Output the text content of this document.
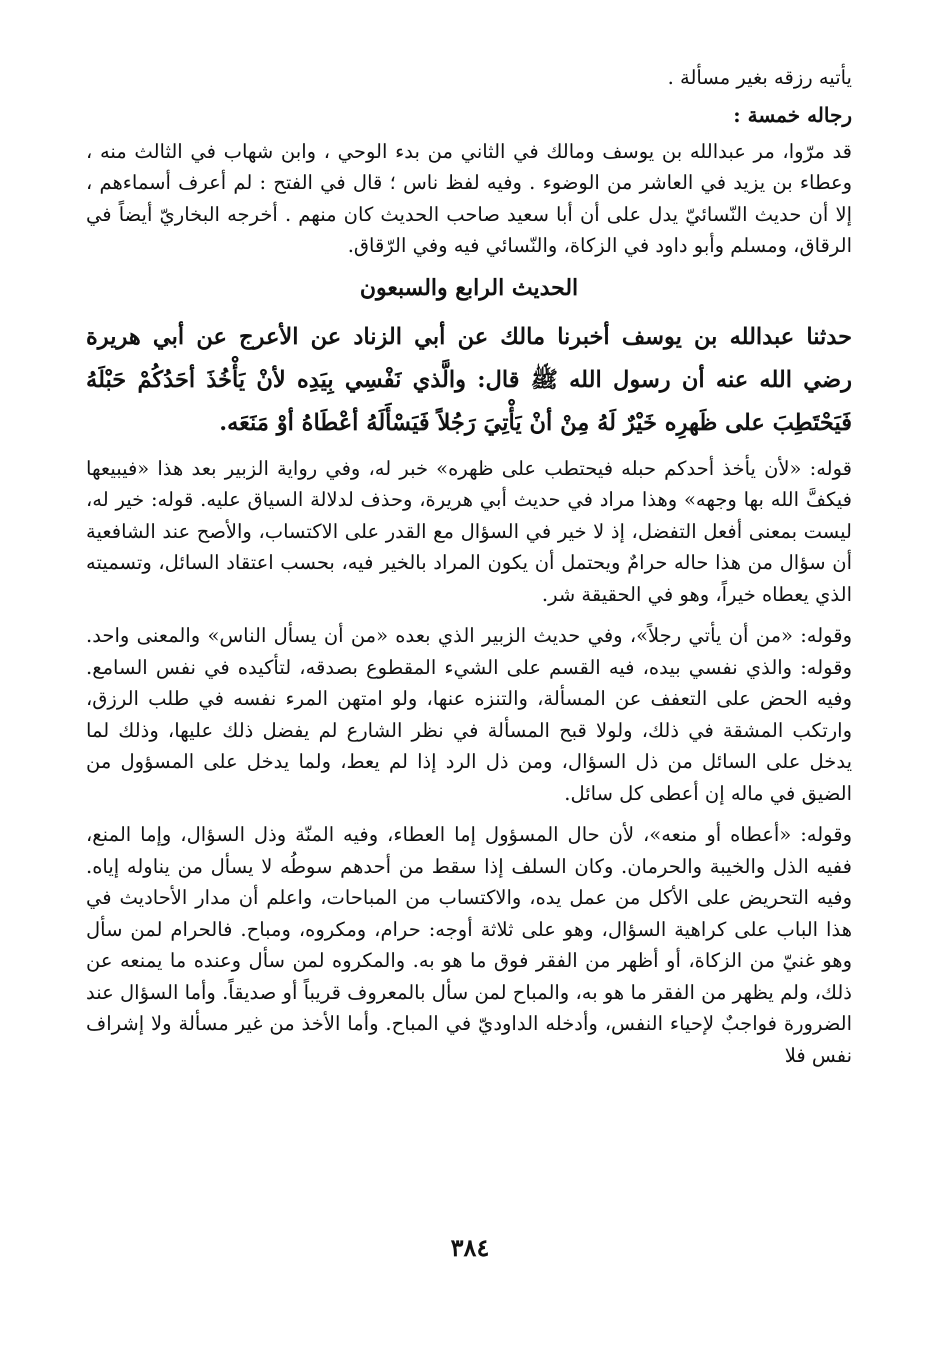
يأتيه رزقه بغير مسألة .

رجاله خمسة :

قد مرّوا، مر عبدالله بن يوسف ومالك في الثاني من بدء الوحي ، وابن شهاب في الثالث منه ، وعطاء بن يزيد في العاشر من الوضوء . وفيه لفظ ناس ؛ قال في الفتح : لم أعرف أسماءهم ، إلا أن حديث النّسائيّ يدل على أن أبا سعيد صاحب الحديث كان منهم . أخرجه البخاريّ أيضاً في الرقاق، ومسلم وأبو داود في الزكاة، والنّسائي فيه وفي الرّقاق.

الحديث الرابع والسبعون

حدثنا عبدالله بن يوسف أخبرنا مالك عن أبي الزناد عن الأعرج عن أبي هريرة رضي الله عنه أن رسول الله ﷺ قال: والَّذي نَفْسِي بِيَدِه لأنْ يَأْخُذَ أحَدُكُمْ حَبْلَهُ فَيَحْتَطِبَ على ظَهرِه خَيْرٌ لَهُ مِنْ أنْ يَأْتِيَ رَجُلاً فَيَسْأَلَهُ أعْطَاهُ أوْ مَنَعَه.

قوله: «لأن يأخذ أحدكم حبله فيحتطب على ظهره» خبر له، وفي رواية الزبير بعد هذا «فيبيعها فيكفَّ الله بها وجهه» وهذا مراد في حديث أبي هريرة، وحذف لدلالة السياق عليه. قوله: خير له، ليست بمعنى أفعل التفضل، إذ لا خير في السؤال مع القدر على الاكتساب، والأصح عند الشافعية أن سؤال من هذا حاله حرامٌ ويحتمل أن يكون المراد بالخير فيه، بحسب اعتقاد السائل، وتسميته الذي يعطاه خيراً، وهو في الحقيقة شر.

وقوله: «من أن يأتي رجلاً»، وفي حديث الزبير الذي بعده «من أن يسأل الناس» والمعنى واحد. وقوله: والذي نفسي بيده، فيه القسم على الشيء المقطوع بصدقه، لتأكيده في نفس السامع. وفيه الحض على التعفف عن المسألة، والتنزه عنها، ولو امتهن المرء نفسه في طلب الرزق، وارتكب المشقة في ذلك، ولولا قبح المسألة في نظر الشارع لم يفضل ذلك عليها، وذلك لما يدخل على السائل من ذل السؤال، ومن ذل الرد إذا لم يعط، ولما يدخل على المسؤول من الضيق في ماله إن أعطى كل سائل.

وقوله: «أعطاه أو منعه»، لأن حال المسؤول إما العطاء، وفيه المنّة وذل السؤال، وإما المنع، ففيه الذل والخيبة والحرمان. وكان السلف إذا سقط من أحدهم سوطُه لا يسأل من يناوله إياه. وفيه التحريض على الأكل من عمل يده، والاكتساب من المباحات، واعلم أن مدار الأحاديث في هذا الباب على كراهية السؤال، وهو على ثلاثة أوجه: حرام، ومكروه، ومباح. فالحرام لمن سأل وهو غنيّ من الزكاة، أو أظهر من الفقر فوق ما هو به. والمكروه لمن سأل وعنده ما يمنعه عن ذلك، ولم يظهر من الفقر ما هو به، والمباح لمن سأل بالمعروف قريباً أو صديقاً. وأما السؤال عند الضرورة فواجبٌ لإحياء النفس، وأدخله الداوديّ في المباح. وأما الأخذ من غير مسألة ولا إشراف نفس فلا

٣٨٤
